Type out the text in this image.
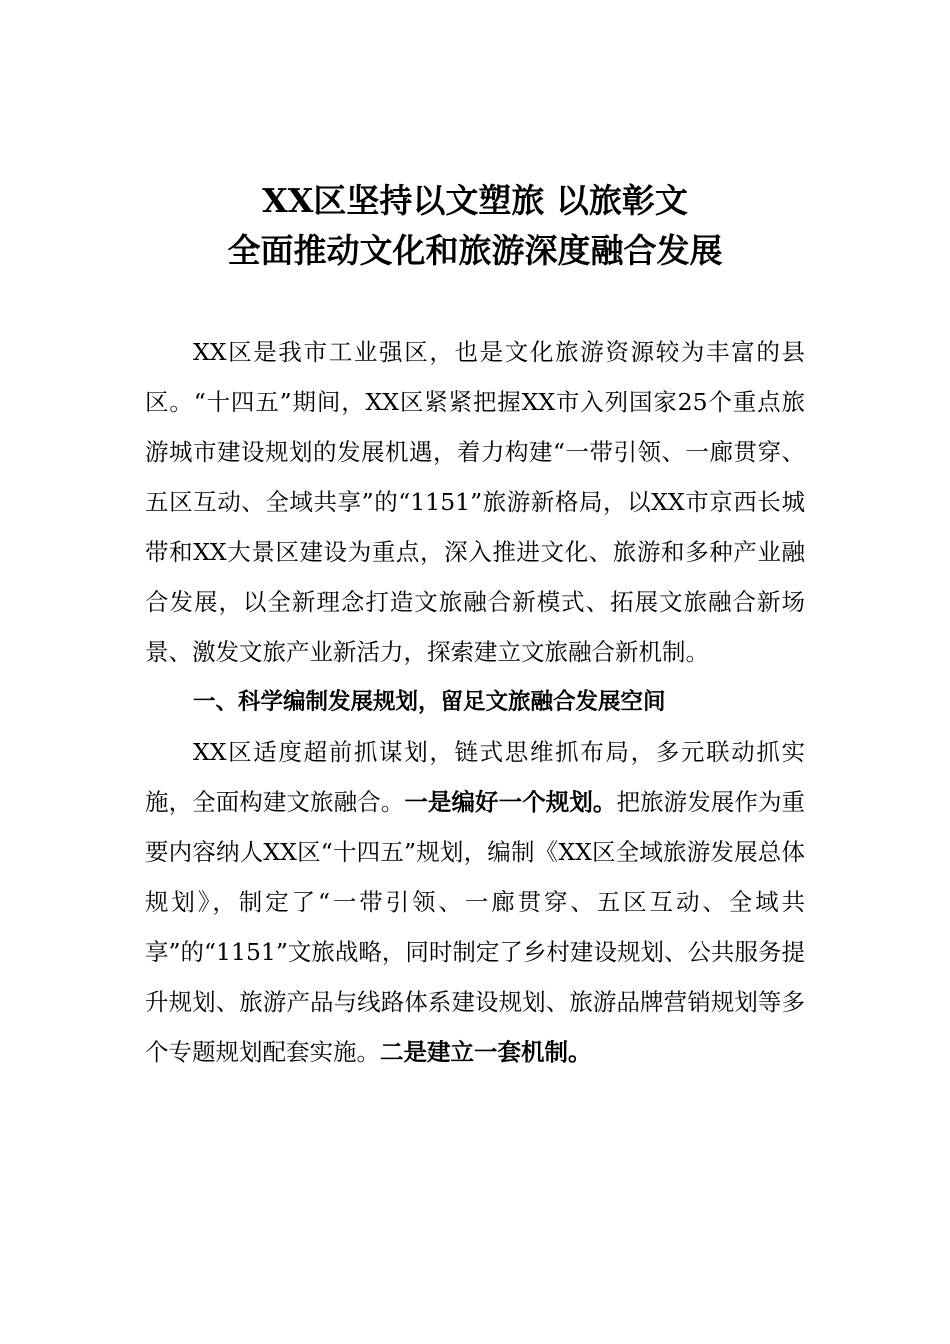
XX区坚持以文塑旅 以旅彰文
全面推动文化和旅游深度融合发展

XX区是我市工业强区，也是文化旅游资源较为丰富的县区。“十四五”期间，XX区紧紧把握XX市入列国家25个重点旅游城市建设规划的发展机遇，着力构建“一带引领、一廊贯穿、五区互动、全域共享”的“1151”旅游新格局，以XX市京西长城带和XX大景区建设为重点，深入推进文化、旅游和多种产业融合发展，以全新理念打造文旅融合新模式、拓展文旅融合新场景、激发文旅产业新活力，探索建立文旅融合新机制。

一、科学编制发展规划，留足文旅融合发展空间

XX区适度超前抓谋划，链式思维抓布局，多元联动抓实施，全面构建文旅融合。一是编好一个规划。把旅游发展作为重要内容纳人XX区“十四五”规划，编制《XX区全域旅游发展总体规划》，制定了“一带引领、一廊贯穿、五区互动、全域共享”的“1151”文旅战略，同时制定了乡村建设规划、公共服务提升规划、旅游产品与线路体系建设规划、旅游品牌营销规划等多个专题规划配套实施。二是建立一套机制。
